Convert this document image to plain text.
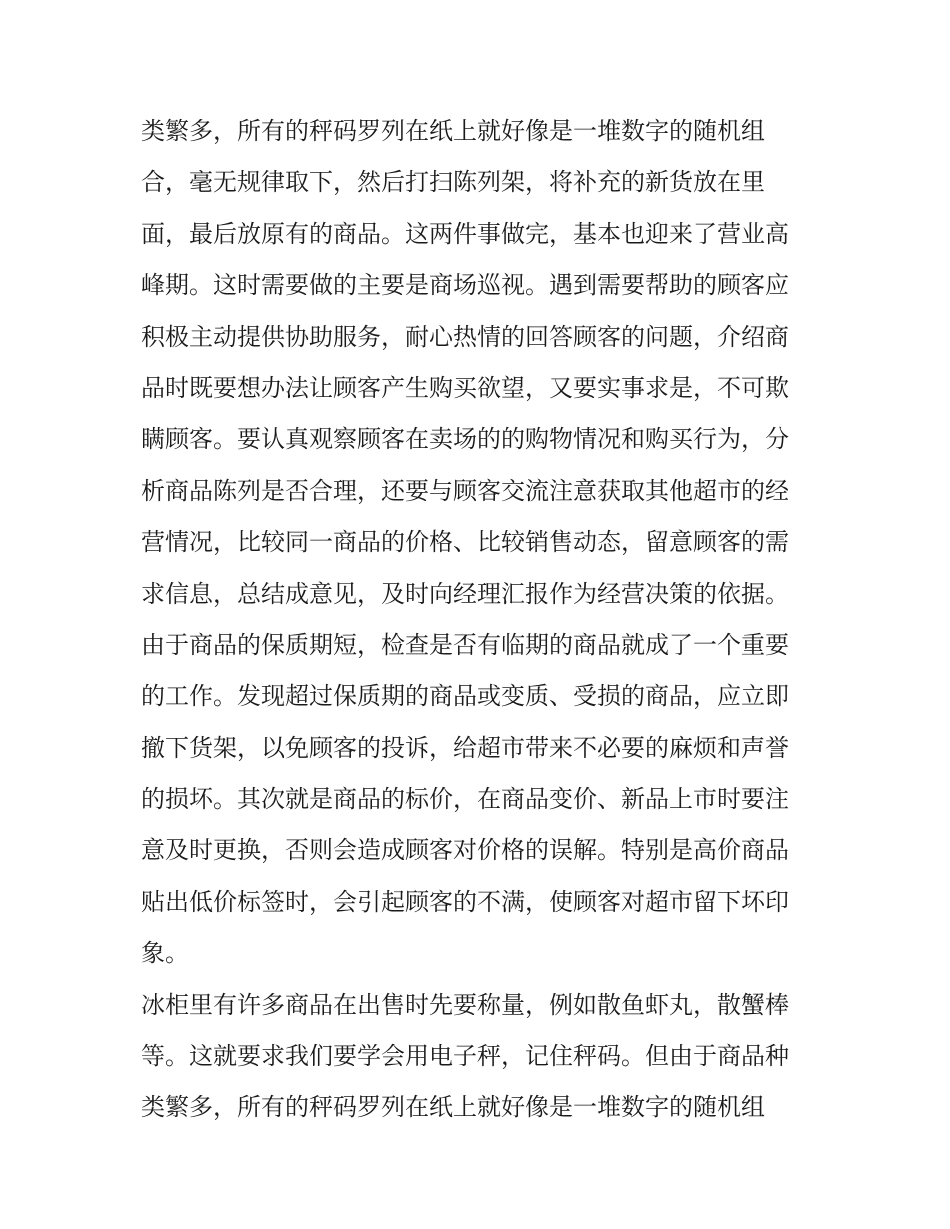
类繁多，所有的秤码罗列在纸上就好像是一堆数字的随机组
合，毫无规律取下，然后打扫陈列架，将补充的新货放在里
面，最后放原有的商品。这两件事做完，基本也迎来了营业高
峰期。这时需要做的主要是商场巡视。遇到需要帮助的顾客应
积极主动提供协助服务，耐心热情的回答顾客的问题，介绍商
品时既要想办法让顾客产生购买欲望，又要实事求是，不可欺
瞒顾客。要认真观察顾客在卖场的的购物情况和购买行为，分
析商品陈列是否合理，还要与顾客交流注意获取其他超市的经
营情况，比较同一商品的价格、比较销售动态，留意顾客的需
求信息，总结成意见，及时向经理汇报作为经营决策的依据。
由于商品的保质期短，检查是否有临期的商品就成了一个重要
的工作。发现超过保质期的商品或变质、受损的商品，应立即
撤下货架，以免顾客的投诉，给超市带来不必要的麻烦和声誉
的损坏。其次就是商品的标价，在商品变价、新品上市时要注
意及时更换，否则会造成顾客对价格的误解。特别是高价商品
贴出低价标签时，会引起顾客的不满，使顾客对超市留下坏印
象。
冰柜里有许多商品在出售时先要称量，例如散鱼虾丸，散蟹棒
等。这就要求我们要学会用电子秤，记住秤码。但由于商品种
类繁多，所有的秤码罗列在纸上就好像是一堆数字的随机组
